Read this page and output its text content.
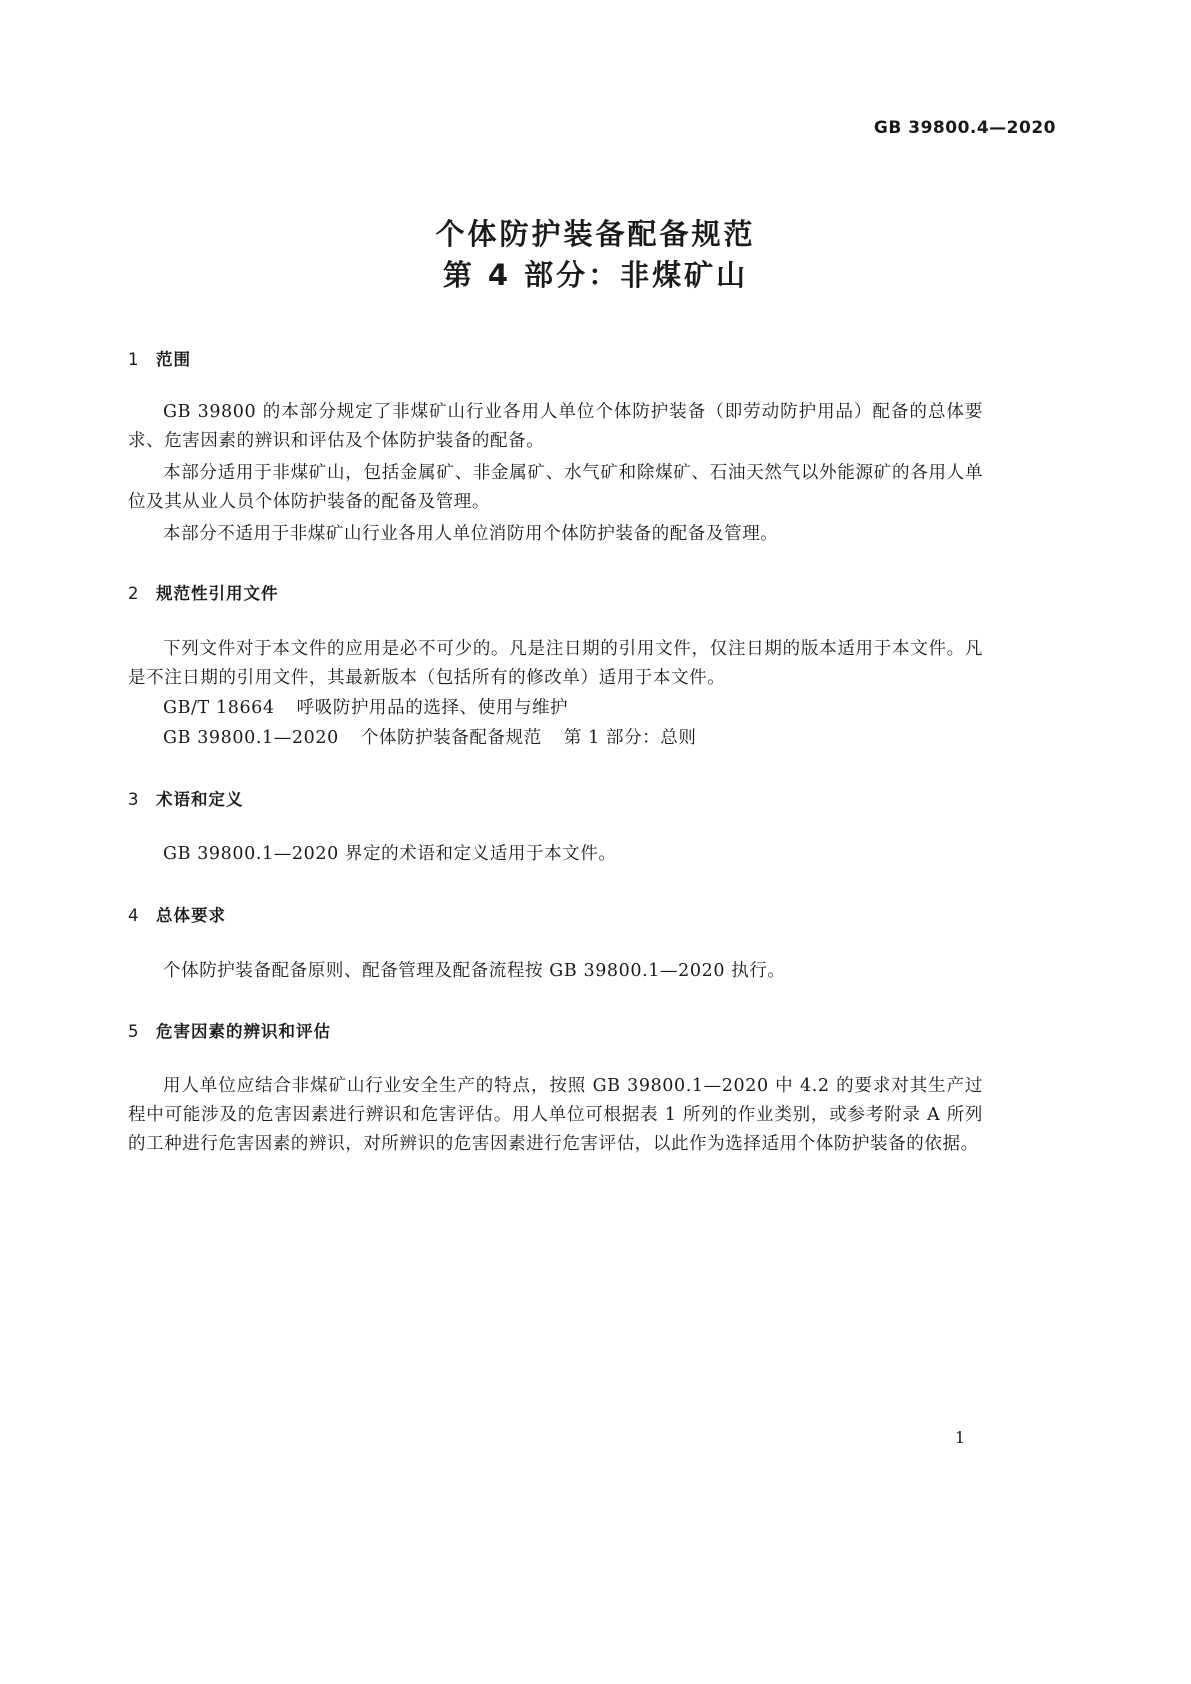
GB 39800.4—2020
个体防护装备配备规范
第 4 部分：非煤矿山
1 范围
GB 39800 的本部分规定了非煤矿山行业各用人单位个体防护装备（即劳动防护用品）配备的总体要求、危害因素的辨识和评估及个体防护装备的配备。
本部分适用于非煤矿山，包括金属矿、非金属矿、水气矿和除煤矿、石油天然气以外能源矿的各用人单位及其从业人员个体防护装备的配备及管理。
本部分不适用于非煤矿山行业各用人单位消防用个体防护装备的配备及管理。
2 规范性引用文件
下列文件对于本文件的应用是必不可少的。凡是注日期的引用文件，仅注日期的版本适用于本文件。凡是不注日期的引用文件，其最新版本（包括所有的修改单）适用于本文件。
GB/T 18664 呼吸防护用品的选择、使用与维护
GB 39800.1—2020 个体防护装备配备规范 第 1 部分：总则
3 术语和定义
GB 39800.1—2020 界定的术语和定义适用于本文件。
4 总体要求
个体防护装备配备原则、配备管理及配备流程按 GB 39800.1—2020 执行。
5 危害因素的辨识和评估
用人单位应结合非煤矿山行业安全生产的特点，按照 GB 39800.1—2020 中 4.2 的要求对其生产过程中可能涉及的危害因素进行辨识和危害评估。用人单位可根据表 1 所列的作业类别，或参考附录 A 所列的工种进行危害因素的辨识，对所辨识的危害因素进行危害评估，以此作为选择适用个体防护装备的依据。
1
